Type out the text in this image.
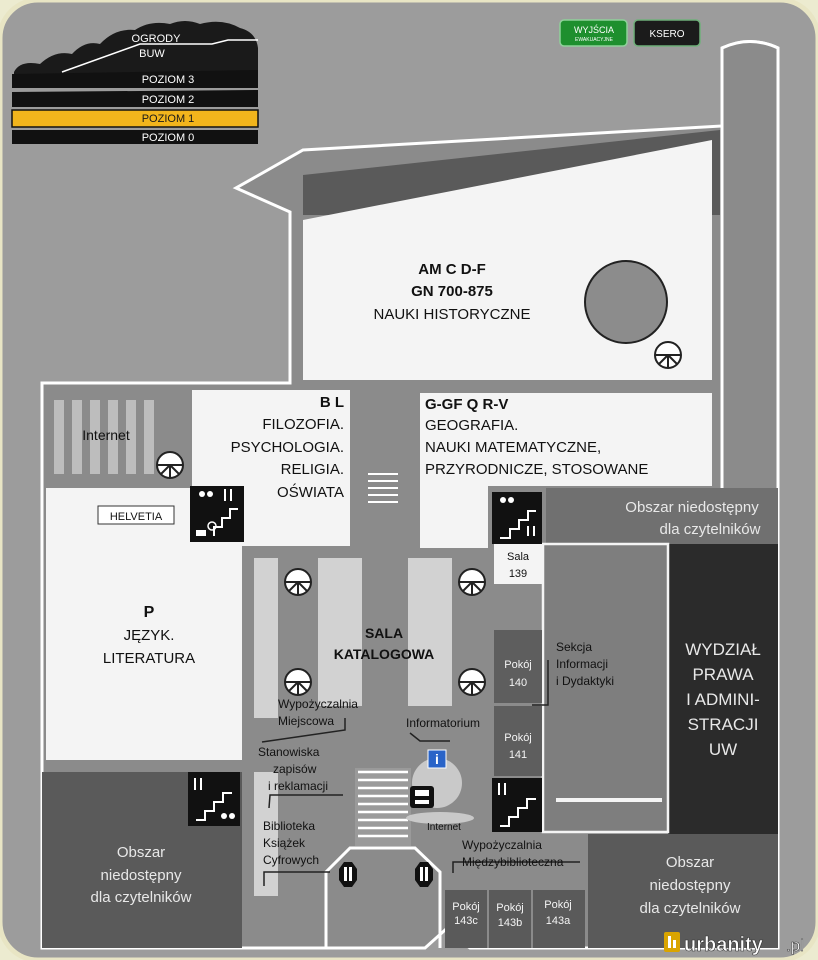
i
OGRODY
BUW
POZIOM 3
POZIOM 2
POZIOM 1
POZIOM 0
WYJŚCIA
EWAKUACYJNE	KSERO
AM C D-F
GN 700-875
NAUKI HISTORYCZNE
B L
FILOZOFIA.
PSYCHOLOGIA.
RELIGIA.
OŚWIATA
G-GF Q R-V
GEOGRAFIA.
NAUKI MATEMATYCZNE,
PRZYRODNICZE, STOSOWANE
Internet
HELVETIA
P
JĘZYK.
LITERATURA
SALA
KATALOGOWA
Obszar niedostępny
dla czytelników
Sala
139
Pokój
140
Pokój
141
Sekcja
Informacji
i Dydaktyki
WYDZIAŁ
PRAWA
I ADMINI-
STRACJI
UW
Wypożyczalnia
Miejscowa
Stanowiska
zapisów
i reklamacji
Biblioteka
Książek
Cyfrowych
Informatorium
Internet
Wypożyczalnia
Międzybiblioteczna
Pokój
143c
Pokój
143b
Pokój
143a
Obszar
niedostępny
dla czytelników
Obszar
niedostępny
dla czytelników
urbanity .pl
